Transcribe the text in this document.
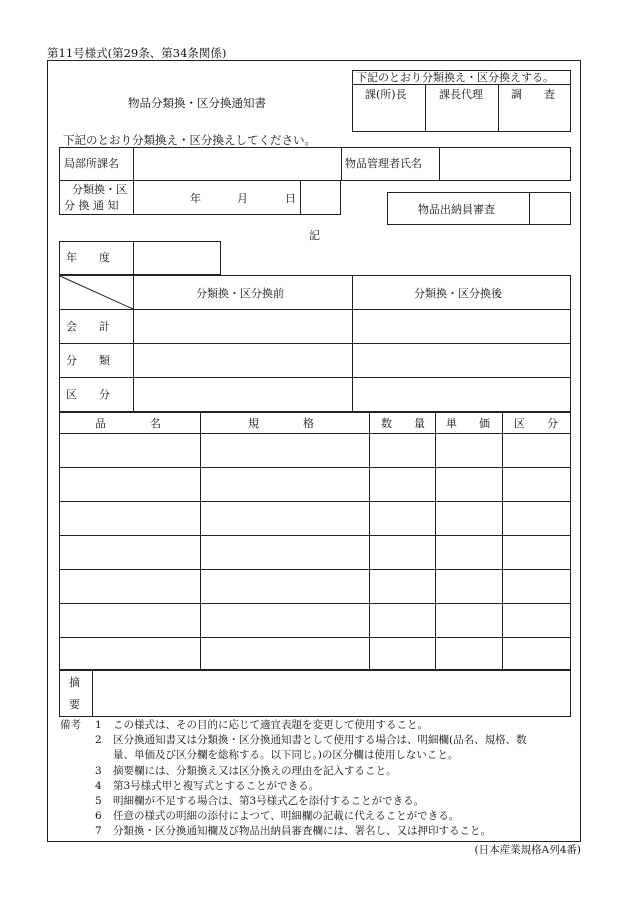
第11号様式(第29条、第34条関係)
物品分類換・区分換通知書
下記のとおり分類換え・区分換えする。
課(所)長	課長代理	調　　査
下記のとおり分類換え・区分換えしてください。
局部所課名	物品管理者氏名
分類換・区
分 換 通 知
年	月	日
物品出納員審査
記
年　　度
分類換・区分換前	分類換・区分換後
会　　計
分　　類
区　　分
品　　　　名	規　　　　格	数　　量 単　　価 区　　分
摘
要
備考 1 この様式は、その目的に応じて適宜表題を変更して使用すること。
2 区分換通知書又は分類換・区分換通知書として使用する場合は、明細欄(品名、規格、数
量、単価及び区分欄を総称する。以下同じ。)の区分欄は使用しないこと。
3 摘要欄には、分類換え又は区分換えの理由を記入すること。
4 第3号様式甲と複写式とすることができる。
5 明細欄が不足する場合は、第3号様式乙を添付することができる。
6 任意の様式の明細の添付によつて、明細欄の記載に代えることができる。
7 分類換・区分換通知欄及び物品出納員審査欄には、署名し、又は押印すること。
(日本産業規格A列4番)
